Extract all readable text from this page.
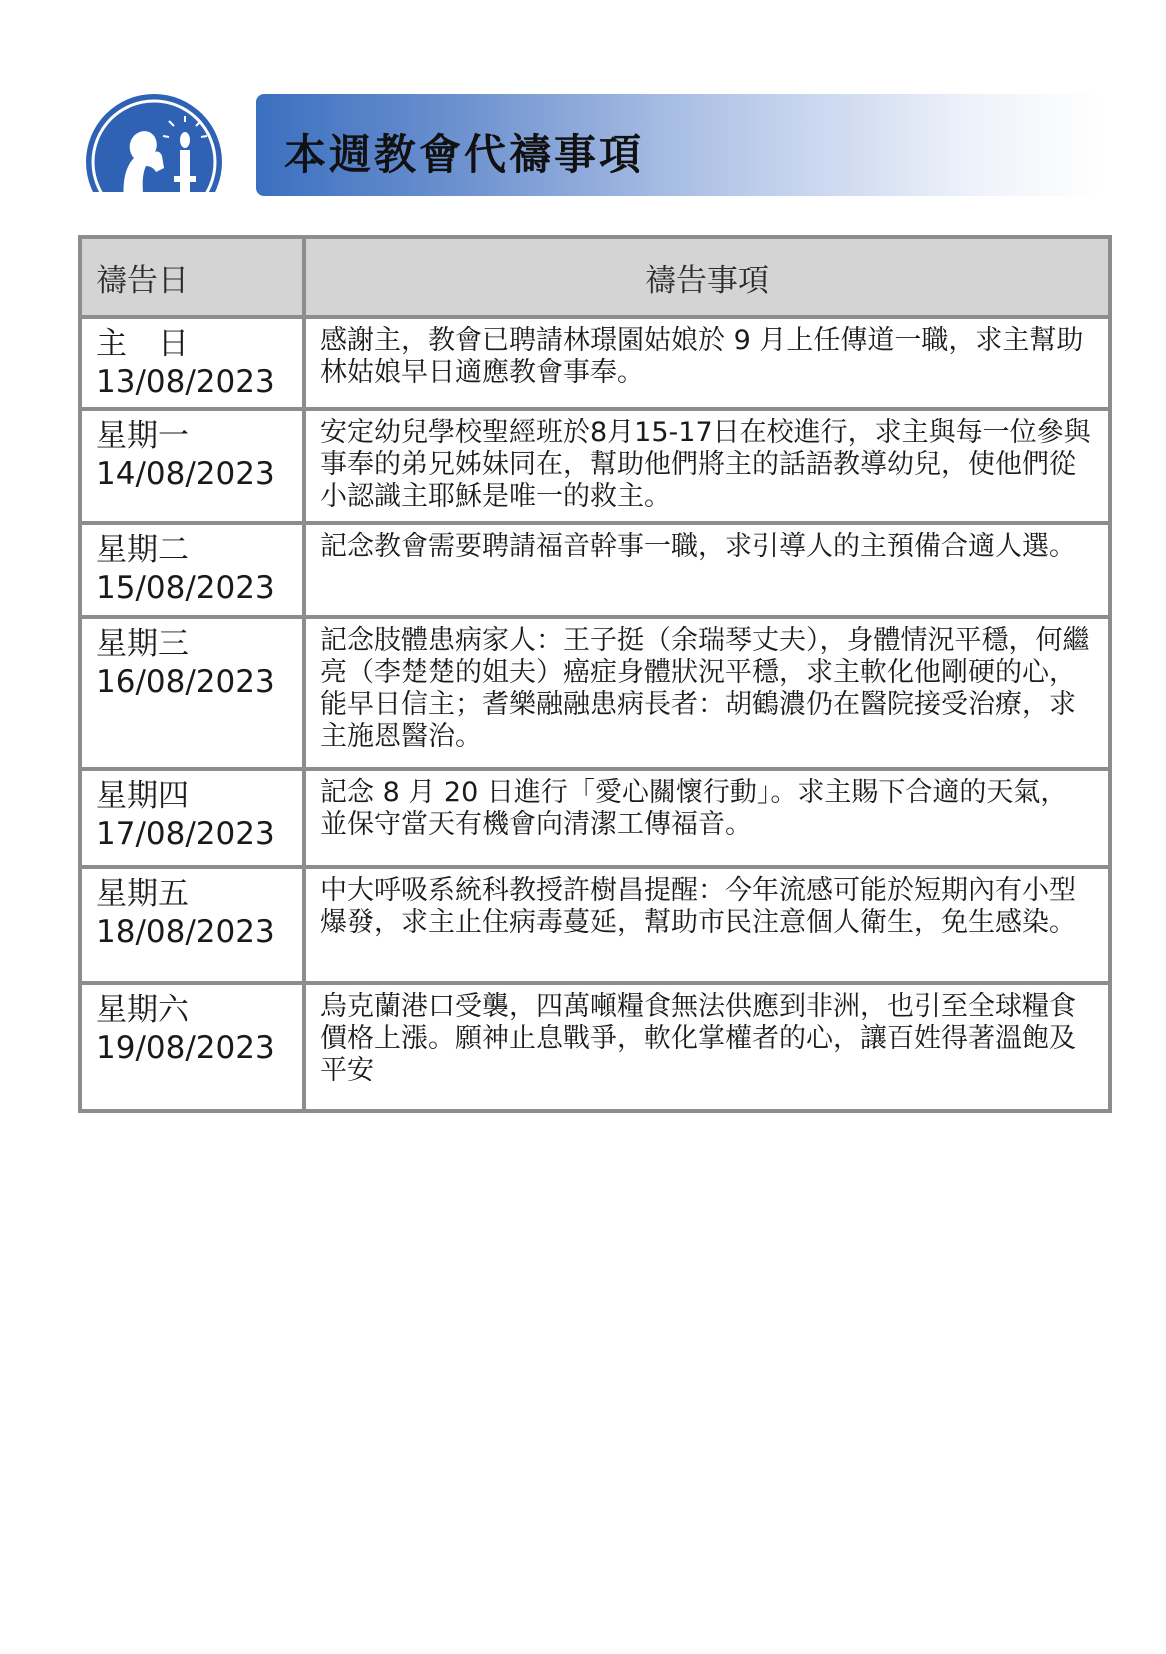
本週教會代禱事項
禱告日	禱告事項

主　日
13/08/2023	感謝主，教會已聘請林璟園姑娘於 9 月上任傳道一職，求主幫助林姑娘早日適應教會事奉。

星期一
14/08/2023	安定幼兒學校聖經班於8月15-17日在校進行，求主與每一位參與事奉的弟兄姊妹同在，幫助他們將主的話語教導幼兒，使他們從小認識主耶穌是唯一的救主。

星期二
15/08/2023	記念教會需要聘請福音幹事一職，求引導人的主預備合適人選。

星期三
16/08/2023	記念肢體患病家人：王子挺（余瑞琴丈夫），身體情況平穩，何繼亮（李楚楚的姐夫）癌症身體狀況平穩，求主軟化他剛硬的心，能早日信主；耆樂融融患病長者：胡鶴濃仍在醫院接受治療，求主施恩醫治。

星期四
17/08/2023	記念 8 月 20 日進行「愛心關懷行動」。求主賜下合適的天氣，並保守當天有機會向清潔工傳福音。

星期五
18/08/2023	中大呼吸系統科教授許樹昌提醒：今年流感可能於短期內有小型爆發，求主止住病毒蔓延，幫助市民注意個人衛生，免生感染。

星期六
19/08/2023	烏克蘭港口受襲，四萬噸糧食無法供應到非洲，也引至全球糧食價格上漲。願神止息戰爭，軟化掌權者的心，讓百姓得著溫飽及平安
